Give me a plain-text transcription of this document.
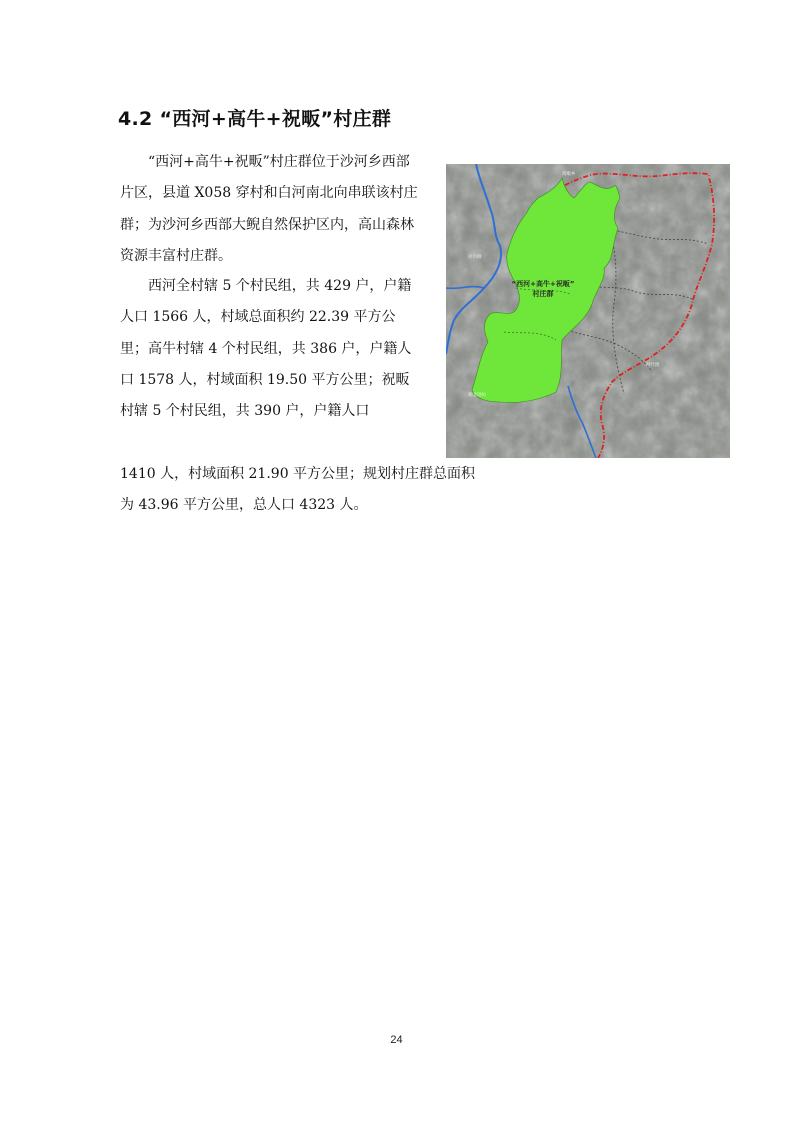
4.2 “西河+高牛+祝畈”村庄群

“西河+高牛+祝畈”村庄群位于沙河乡西部片区，县道 X058 穿村和白河南北向串联该村庄群；为沙河乡西部大鲵自然保护区内，高山森林资源丰富村庄群。

西河全村辖 5 个村民组，共 429 户，户籍人口 1566 人，村域总面积约 22.39 平方公里；高牛村辖 4 个村民组，共 386 户，户籍人口 1578 人，村域面积 19.50 平方公里；祝畈村辖 5 个村民组，共 390 户，户籍人口

1410 人，村域面积 21.90 平方公里；规划村庄群总面积为 43.96 平方公里，总人口 4323 人。

“西河+高牛+祝畈”
村庄群
高畈乡
接坊園
朝北坳坊
洞竹園
24
